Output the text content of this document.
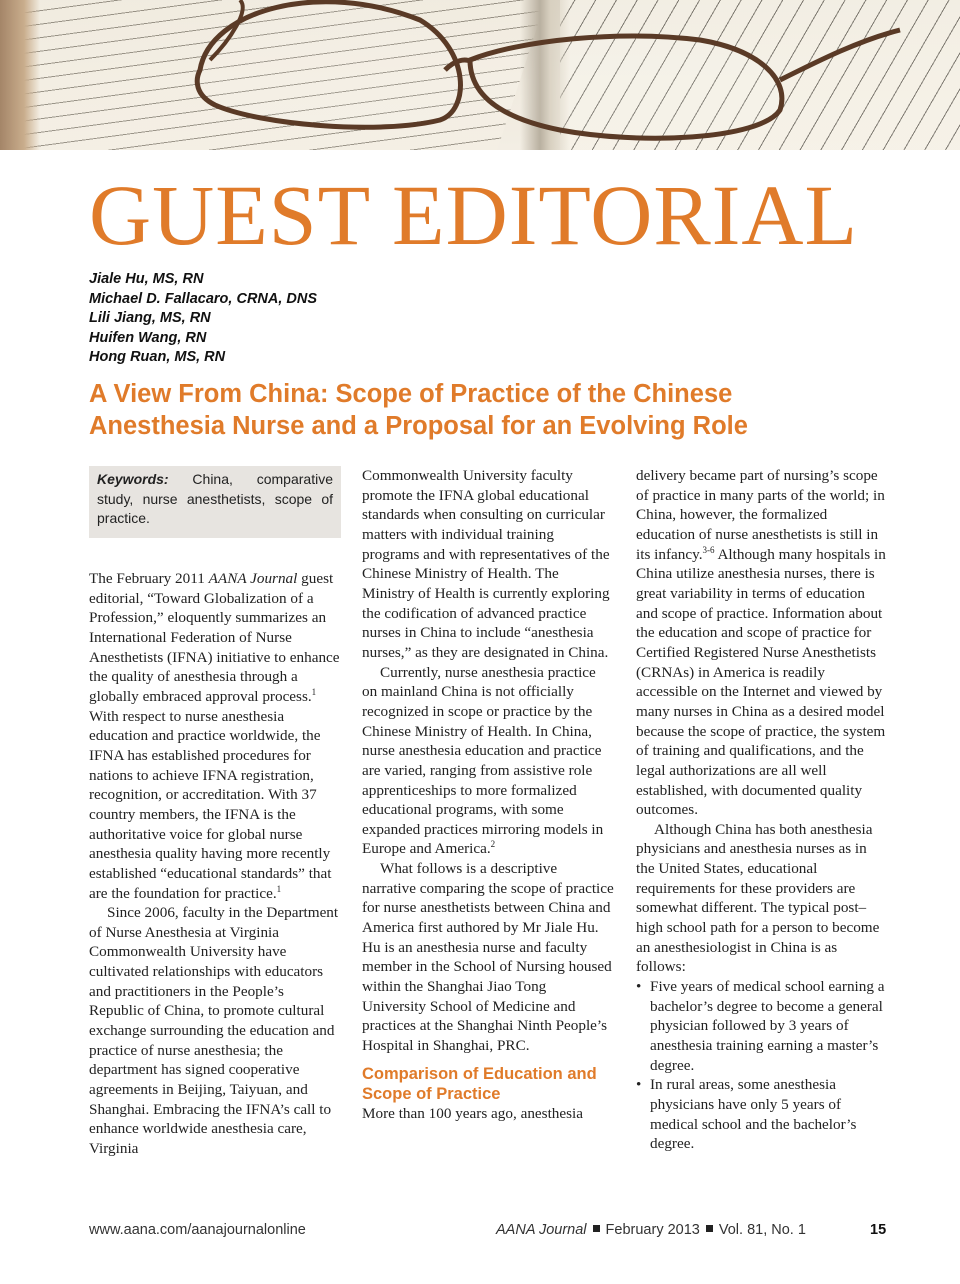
GUEST EDITORIAL
Jiale Hu, MS, RN
Michael D. Fallacaro, CRNA, DNS
Lili Jiang, MS, RN
Huifen Wang, RN
Hong Ruan, MS, RN
A View From China: Scope of Practice of the Chinese Anesthesia Nurse and a Proposal for an Evolving Role
Keywords: China, comparative study, nurse anesthetists, scope of practice.

The February 2011 AANA Journal guest editorial, “Toward Globalization of a Profession,” eloquently summarizes an International Federation of Nurse Anesthetists (IFNA) initiative to enhance the quality of anesthesia through a globally embraced approval process.$^1$ With respect to nurse anesthesia education and practice worldwide, the IFNA has established procedures for nations to achieve IFNA registration, recognition, or accreditation. With 37 country members, the IFNA is the authoritative voice for global nurse anesthesia quality having more recently established “educational standards” that are the foundation for practice.$^1$

Since 2006, faculty in the Department of Nurse Anesthesia at Virginia Commonwealth University have cultivated relationships with educators and practitioners in the People’s Republic of China, to promote cultural exchange surrounding the education and practice of nurse anesthesia; the department has signed cooperative agreements in Beijing, Taiyuan, and Shanghai. Embracing the IFNA’s call to enhance worldwide anesthesia care, Virginia

Commonwealth University faculty promote the IFNA global educational standards when consulting on curricular matters with individual training programs and with representatives of the Chinese Ministry of Health. The Ministry of Health is currently exploring the codification of advanced practice nurses in China to include “anesthesia nurses,” as they are designated in China.

Currently, nurse anesthesia practice on mainland China is not officially recognized in scope or practice by the Chinese Ministry of Health. In China, nurse anesthesia education and practice are varied, ranging from assistive role apprenticeships to more formalized educational programs, with some expanded practices mirroring models in Europe and America.$^2$

What follows is a descriptive narrative comparing the scope of practice for nurse anesthetists between China and America first authored by Mr Jiale Hu. Hu is an anesthesia nurse and faculty member in the School of Nursing housed within the Shanghai Jiao Tong University School of Medicine and practices at the Shanghai Ninth People’s Hospital in Shanghai, PRC.

Comparison of Education and Scope of Practice

More than 100 years ago, anesthesia

delivery became part of nursing’s scope of practice in many parts of the world; in China, however, the formalized education of nurse anesthetists is still in its infancy.$^{3-6}$ Although many hospitals in China utilize anesthesia nurses, there is great variability in terms of education and scope of practice. Information about the education and scope of practice for Certified Registered Nurse Anesthetists (CRNAs) in America is readily accessible on the Internet and viewed by many nurses in China as a desired model because the scope of practice, the system of training and qualifications, and the legal authorizations are all well established, with documented quality outcomes.

Although China has both anesthesia physicians and anesthesia nurses as in the United States, educational requirements for these providers are somewhat different. The typical post–high school path for a person to become an anesthesiologist in China is as follows:

• Five years of medical school earning a bachelor’s degree to become a general physician followed by 3 years of anesthesia training earning a master’s degree.
• In rural areas, some anesthesia physicians have only 5 years of medical school and the bachelor’s degree.
www.aana.com/aanajournalonline	AANA Journal February 2013 Vol. 81, No. 1	15
